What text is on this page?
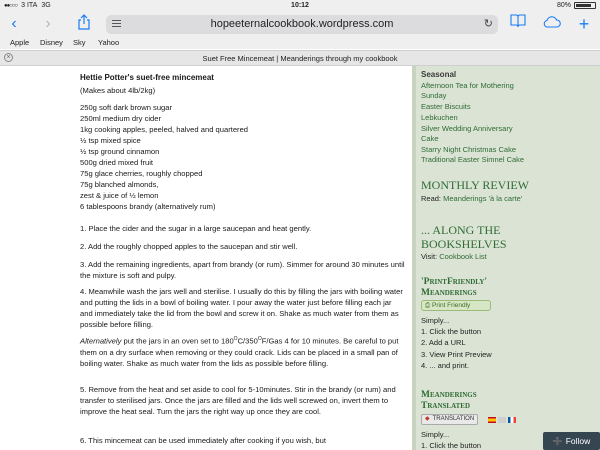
●●○○○ 3 ITA 3G	10:12	80%
‹	›	hopeeternalcookbook.wordpress.com	↻	+
Apple Disney Sky Yahoo
×	Suet Free Mincemeat | Meanderings through my cookbook
Hettie Potter's suet-free mincemeat
(Makes about 4lb/2kg)
250g soft dark brown sugar
250ml medium dry cider
1kg cooking apples, peeled, halved and quartered
½ tsp mixed spice
½ tsp ground cinnamon
500g dried mixed fruit
75g glace cherries, roughly chopped
75g blanched almonds,
zest & juice of ½ lemon
6 tablespoons brandy (alternatively rum)
1. Place the cider and the sugar in a large saucepan and heat gently.
2. Add the roughly chopped apples to the saucepan and stir well.
3. Add the remaining ingredients, apart from brandy (or rum). Simmer for around 30 minutes until the mixture is soft and pulpy.
4. Meanwhile wash the jars well and sterilise. I usually do this by filling the jars with boiling water and putting the lids in a bowl of boiling water. I pour away the water just before filling each jar and immediately take the lid from the bowl and screw it on. Shake as much water from them as possible before filling.
Alternatively put the jars in an oven set to $180^OC/350^OF$/Gas 4 for 10 minutes. Be careful to put them on a dry surface when removing or they could crack. Lids can be placed in a small pan of boiling water. Shake as much water from the lids as possible before filling.
5. Remove from the heat and set aside to cool for 5-10minutes. Stir in the brandy (or rum) and transfer to sterilised jars. Once the jars are filled and the lids well screwed on, invert them to improve the heat seal. Turn the jars the right way up once they are cool.
6. This mincemeat can be used immediately after cooking if you wish, but
Seasonal
Afternoon Tea for Mothering
Sunday
Easter Biscuits
Lebkuchen
Silver Wedding Anniversary
Cake
Starry Night Christmas Cake
Traditional Easter Simnel Cake
MONTHLY REVIEW
Read: Meanderings 'à la carte'
... ALONG THE
BOOKSHELVES
Visit: Cookbook List
'PrintFriendly'
Meanderings
⎙ Print Friendly
Simply...
1. Click the button
2. Add a URL
3. View Print Preview
4. ... and print.
Meanderings
Translated
◆ TRANSLATION
Simply...
1. Click the button	➕ Follow
